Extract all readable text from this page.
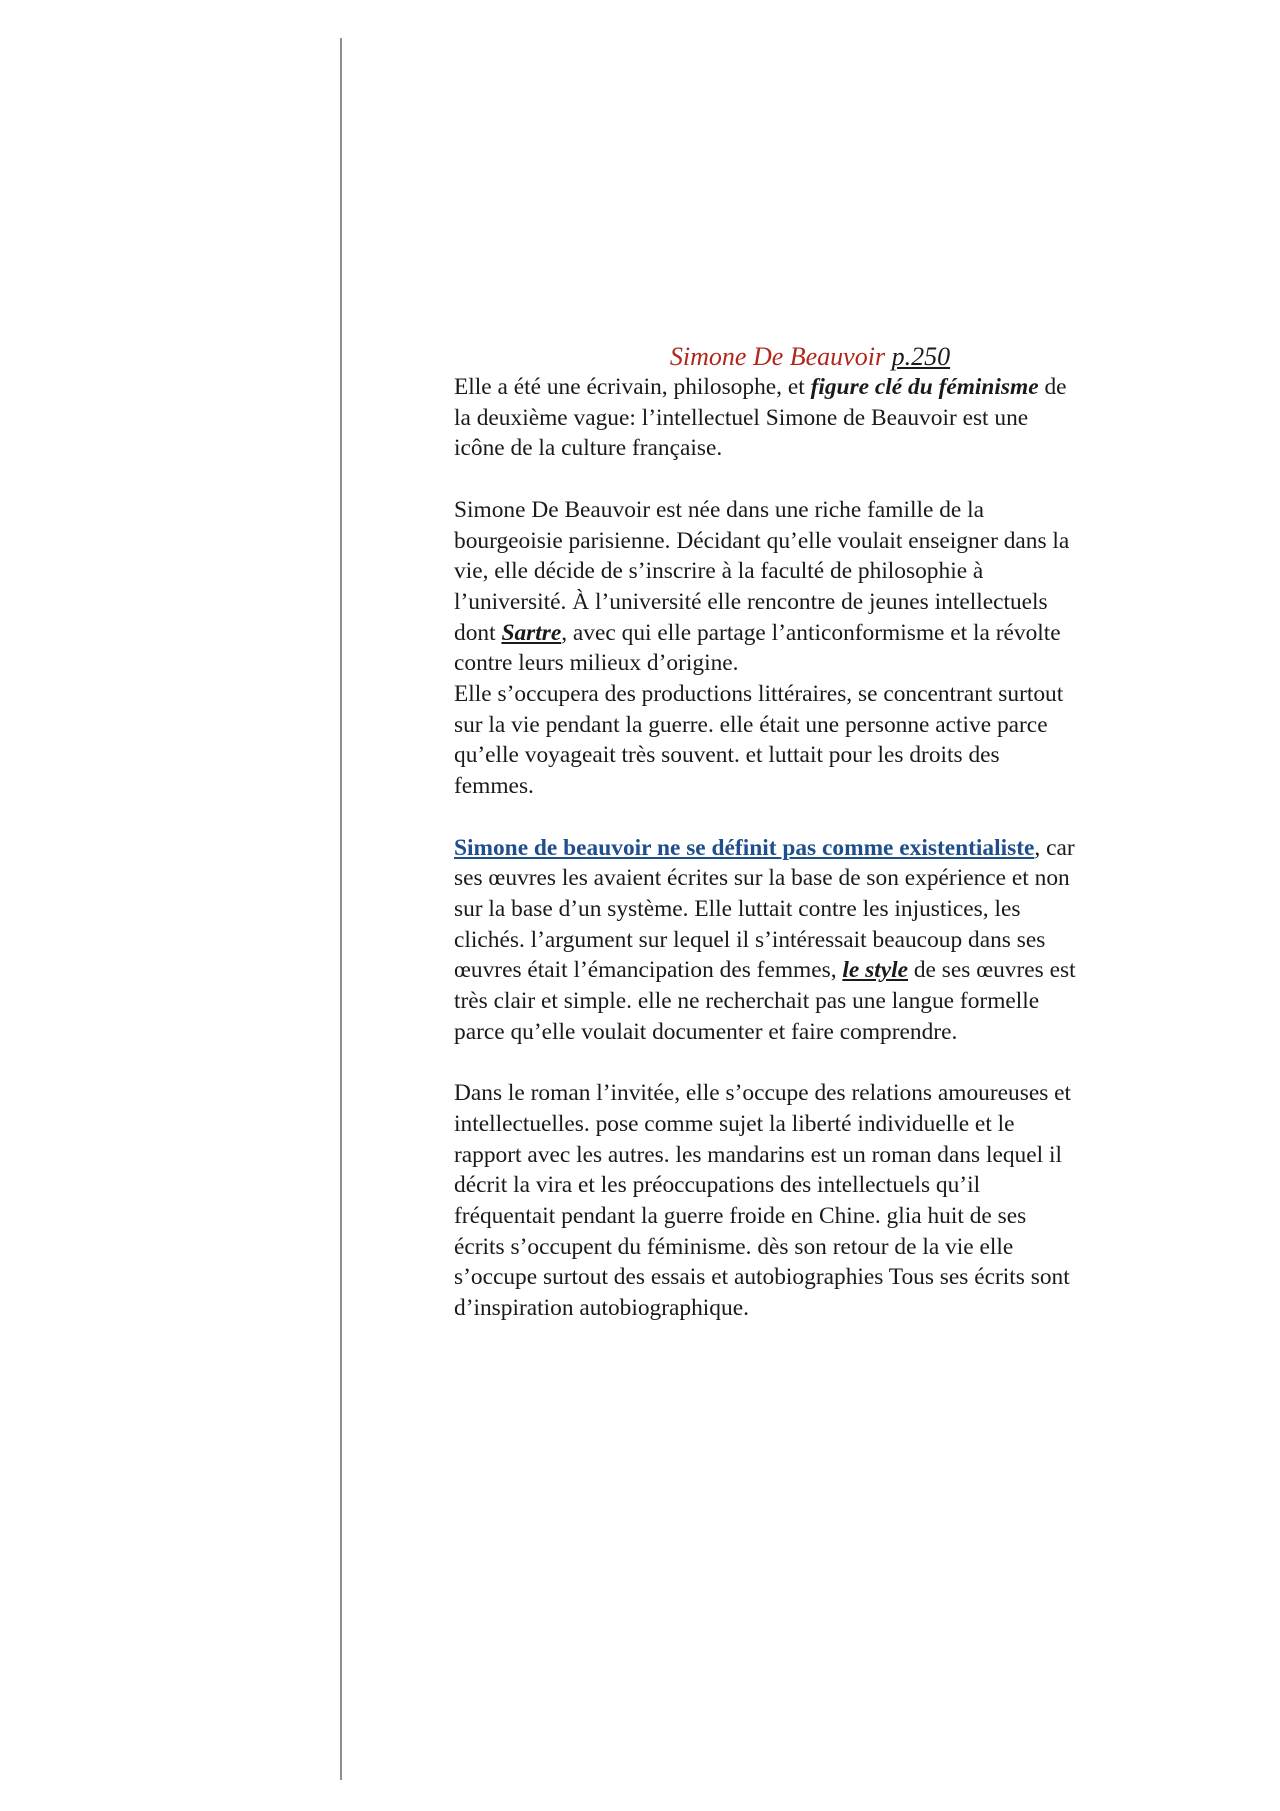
Simone De Beauvoir p.250

Elle a été une écrivain, philosophe, et figure clé du féminisme de
la deuxième vague: l’intellectuel Simone de Beauvoir est une
icône de la culture française.

Simone De Beauvoir est née dans une riche famille de la
bourgeoisie parisienne. Décidant qu’elle voulait enseigner dans la
vie, elle décide de s’inscrire à la faculté de philosophie à
l’université. À l’université elle rencontre de jeunes intellectuels
dont Sartre, avec qui elle partage l’anticonformisme et la révolte
contre leurs milieux d’origine.
Elle s’occupera des productions littéraires, se concentrant surtout
sur la vie pendant la guerre. elle était une personne active parce
qu’elle voyageait très souvent. et luttait pour les droits des
femmes.

Simone de beauvoir ne se définit pas comme existentialiste, car
ses œuvres les avaient écrites sur la base de son expérience et non
sur la base d’un système. Elle luttait contre les injustices, les
clichés. l’argument sur lequel il s’intéressait beaucoup dans ses
œuvres était l’émancipation des femmes, le style de ses œuvres est
très clair et simple. elle ne recherchait pas une langue formelle
parce qu’elle voulait documenter et faire comprendre.

Dans le roman l’invitée, elle s’occupe des relations amoureuses et
intellectuelles. pose comme sujet la liberté individuelle et le
rapport avec les autres. les mandarins est un roman dans lequel il
décrit la vira et les préoccupations des intellectuels qu’il
fréquentait pendant la guerre froide en Chine. glia huit de ses
écrits s’occupent du féminisme. dès son retour de la vie elle
s’occupe surtout des essais et autobiographies Tous ses écrits sont
d’inspiration autobiographique.
